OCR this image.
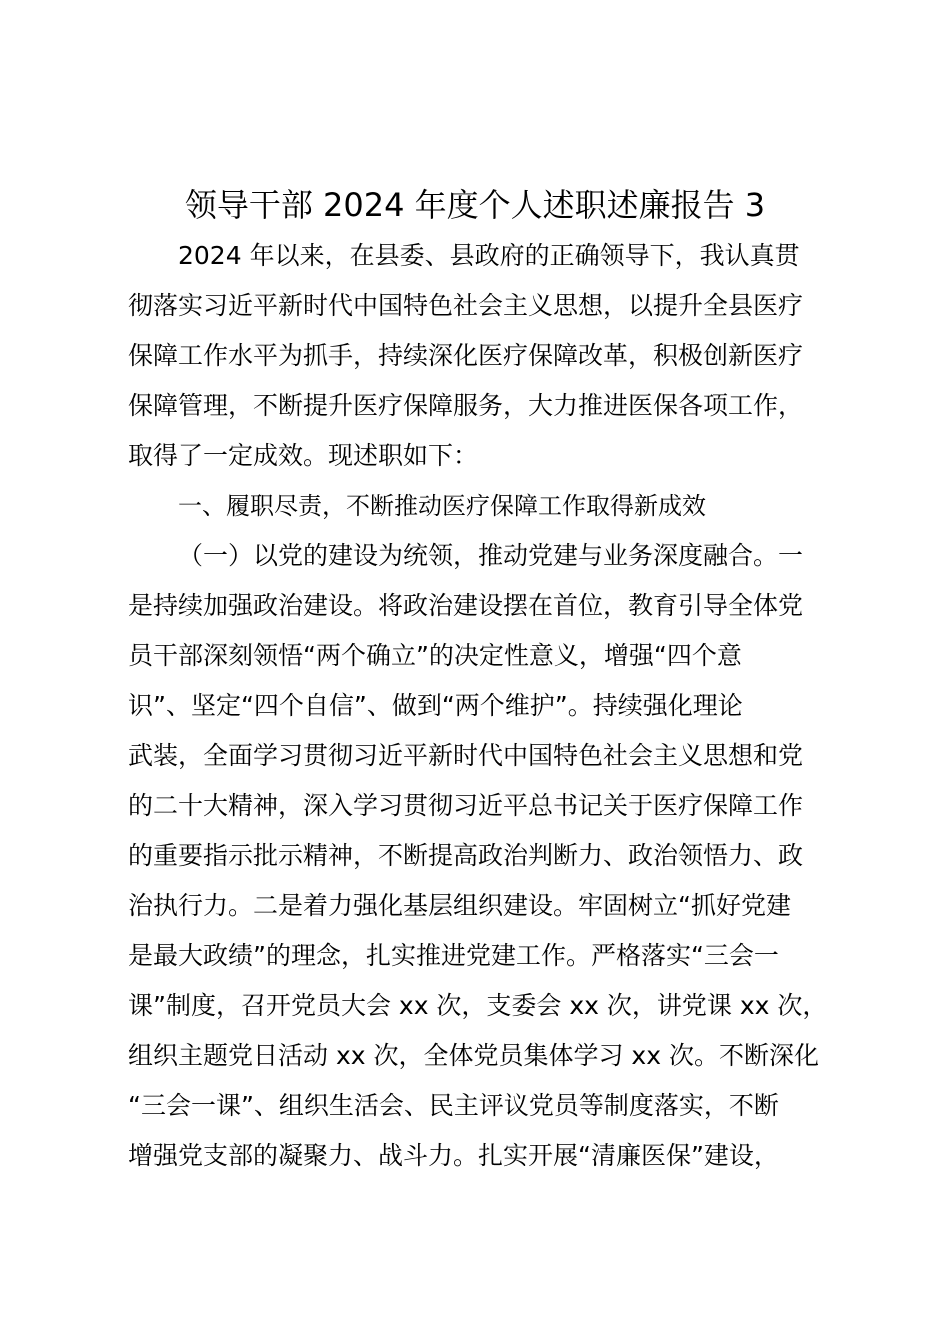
领导干部 2024 年度个人述职述廉报告 3
2024 年以来，在县委、县政府的正确领导下，我认真贯
彻落实习近平新时代中国特色社会主义思想，以提升全县医疗
保障工作水平为抓手，持续深化医疗保障改革，积极创新医疗
保障管理，不断提升医疗保障服务，大力推进医保各项工作，
取得了一定成效。现述职如下：
一、履职尽责，不断推动医疗保障工作取得新成效
（一）以党的建设为统领，推动党建与业务深度融合。一
是持续加强政治建设。将政治建设摆在首位，教育引导全体党
员干部深刻领悟“两个确立”的决定性意义，增强“四个意
识”、坚定“四个自信”、做到“两个维护”。持续强化理论
武装，全面学习贯彻习近平新时代中国特色社会主义思想和党
的二十大精神，深入学习贯彻习近平总书记关于医疗保障工作
的重要指示批示精神，不断提高政治判断力、政治领悟力、政
治执行力。二是着力强化基层组织建设。牢固树立“抓好党建
是最大政绩”的理念，扎实推进党建工作。严格落实“三会一
课”制度，召开党员大会 xx 次，支委会 xx 次，讲党课 xx 次，
组织主题党日活动 xx 次，全体党员集体学习 xx 次。不断深化
“三会一课”、组织生活会、民主评议党员等制度落实，不断
增强党支部的凝聚力、战斗力。扎实开展“清廉医保”建设，
